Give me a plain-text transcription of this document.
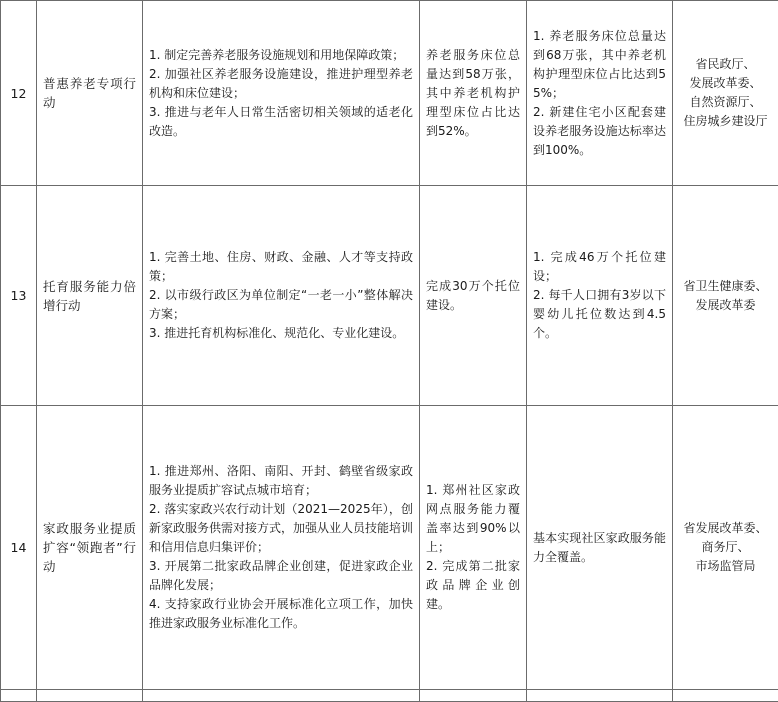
12	普惠养老专项行动	1. 制定完善养老服务设施规划和用地保障政策；
2. 加强社区养老服务设施建设，推进护理型养老机构和床位建设；
3. 推进与老年人日常生活密切相关领域的适老化改造。	养老服务床位总量达到58万张，其中养老机构护理型床位占比达到52%。	1. 养老服务床位总量达到68万张，其中养老机构护理型床位占比达到55%；
2. 新建住宅小区配套建设养老服务设施达标率达到100%。	省民政厅、
发展改革委、
自然资源厅、
住房城乡建设厅

13	托育服务能力倍增行动	1. 完善土地、住房、财政、金融、人才等支持政策；
2. 以市级行政区为单位制定“一老一小”整体解决方案；
3. 推进托育机构标准化、规范化、专业化建设。	完成30万个托位建设。	1. 完成46万个托位建设；
2. 每千人口拥有3岁以下婴幼儿托位数达到4.5个。	省卫生健康委、
发展改革委

14	家政服务业提质扩容“领跑者”行动	1. 推进郑州、洛阳、南阳、开封、鹤壁省级家政服务业提质扩容试点城市培育；
2. 落实家政兴农行动计划（2021—2025年），创新家政服务供需对接方式，加强从业人员技能培训和信用信息归集评价；
3. 开展第二批家政品牌企业创建，促进家政企业品牌化发展；
4. 支持家政行业协会开展标准化立项工作，加快推进家政服务业标准化工作。	1. 郑州社区家政网点服务能力覆盖率达到90%以上；
2. 完成第二批家政品牌企业创建。	基本实现社区家政服务能力全覆盖。	省发展改革委、
商务厅、
市场监管局
